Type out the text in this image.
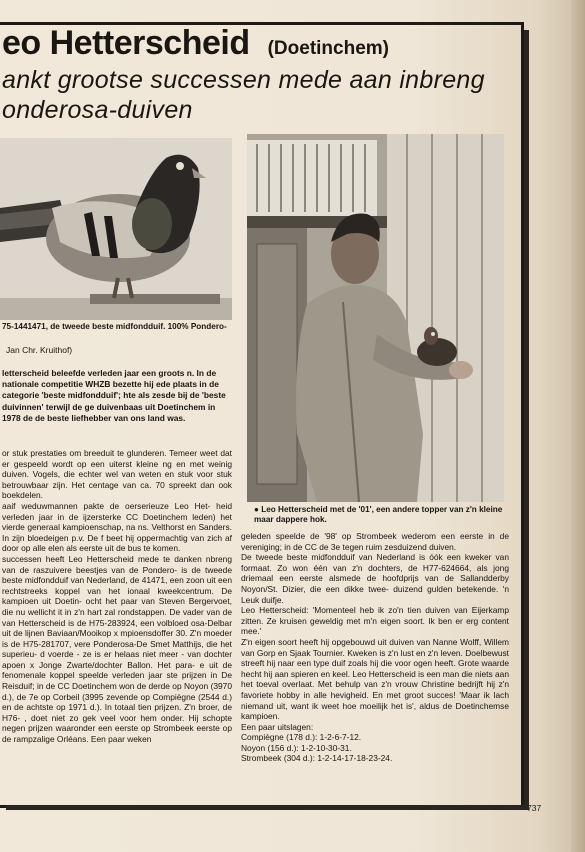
eo Hetterscheid (Doetinchem)
ankt grootse successen mede aan inbreng
onderosa-duiven
75-1441471, de tweede beste midfondduif. 100% Pondero-
● Leo Hetterscheid met de '01', een andere topper van z'n kleine maar dappere hok.
Jan Chr. Kruithof)
letterscheid beleefde verleden jaar een groots n. In de nationale competitie WHZB bezette hij ede plaats in de categorie 'beste midfondduif'; hte als zesde bij de 'beste duivinnen' terwijl de ge duivenbaas uit Doetinchem in 1978 de de beste liefhebber van ons land was.

or stuk prestaties om breeduit te glunderen. Temeer weet dat er gespeeld wordt op een uiterst kleine ng en met weinig duiven. Vogels, die echter wel van weten en stuk voor stuk betrouwbaar zijn. Het centage van ca. 70 spreekt dan ook boekdelen.

aaif weduwmannen pakte de oerserieuze Leo Het- heid verleden jaar in de ijzersterke CC Doetinchem leden) het vierde generaal kampioenschap, na ns. Velthorst en Sanders. In zijn bloedeigen p.v. De f beet hij oppermachtig van zich af door op alle elen als eerste uit de bus te komen.

successen heeft Leo Hetterscheid mede te danken nbreng van de raszuivere beestjes van de Pondero- is de tweede beste midfondduif van Nederland, de 41471, een zoon uit een rechtstreeks koppel van het ionaal kweekcentrum. De kampioen uit Doetin- ocht het paar van Steven Bergervoet, die nu wellicht it in z'n hart zal rondstappen. De vader van de van Hetterscheid is de H75-283924, een volbloed osa-Delbar uit de lijnen Baviaan/Mooikop x mpioensdoffer 30. Z'n moeder is de H75-281707, vere Ponderosa-De Smet Matthijs, die het superieu- d voerde - ze is er helaas niet meer - van dochter apoen x Jonge Zwarte/dochter Ballon. Het para- e uit de fenomenale koppel speelde verleden jaar ste prijzen in De Reisduif; in de CC Doetinchem won de derde op Noyon (3970 d.), de 7e op Corbeil (3995 zevende op Compiègne (2544 d.) en de achtste op 1971 d.). In totaal tien prijzen. Z'n broer, de H76- , doet niet zo gek veel voor hem onder. Hij schopte negen prijzen waaronder een eerste op Strombeek eerste op de rampzalige Orléans. Een paar weken

geleden speelde de '98' op Strombeek wederom een eerste in de vereniging; in de CC de 3e tegen ruim zesduizend duiven.

De tweede beste midfondduif van Nederland is óók een kweker van formaat. Zo won één van z'n dochters, de H77-624664, als jong driemaal een eerste alsmede de hoofdprijs van de Sallandderby Noyon/St. Dizier, die een dikke twee- duizend gulden betekende. 'n Leuk duifje.

Leo Hetterscheid: 'Momenteel heb ik zo'n tien duiven van Eijerkamp zitten. Ze kruisen geweldig met m'n eigen soort. Ik ben er erg content mee.'

Z'n eigen soort heeft hij opgebouwd uit duiven van Nanne Wolff, Willem van Gorp en Sjaak Tournier. Kweken is z'n lust en z'n leven. Doelbewust streeft hij naar een type duif zoals hij die voor ogen heeft. Grote waarde hecht hij aan spieren en keel. Leo Hetterscheid is een man die niets aan het toeval overlaat. Met behulp van z'n vrouw Christine bedrijft hij z'n favoriete hobby in alle hevigheid. En met groot succes! 'Maar ik lach niemand uit, want ik weet hoe moeilijk het is', aldus de Doetinchemse kampioen.

Een paar uitslagen:

Compiègne (178 d.): 1-2-6-7-12.

Noyon (156 d.): 1-2-10-30-31.

Strombeek (304 d.): 1-2-14-17-18-23-24.

737
